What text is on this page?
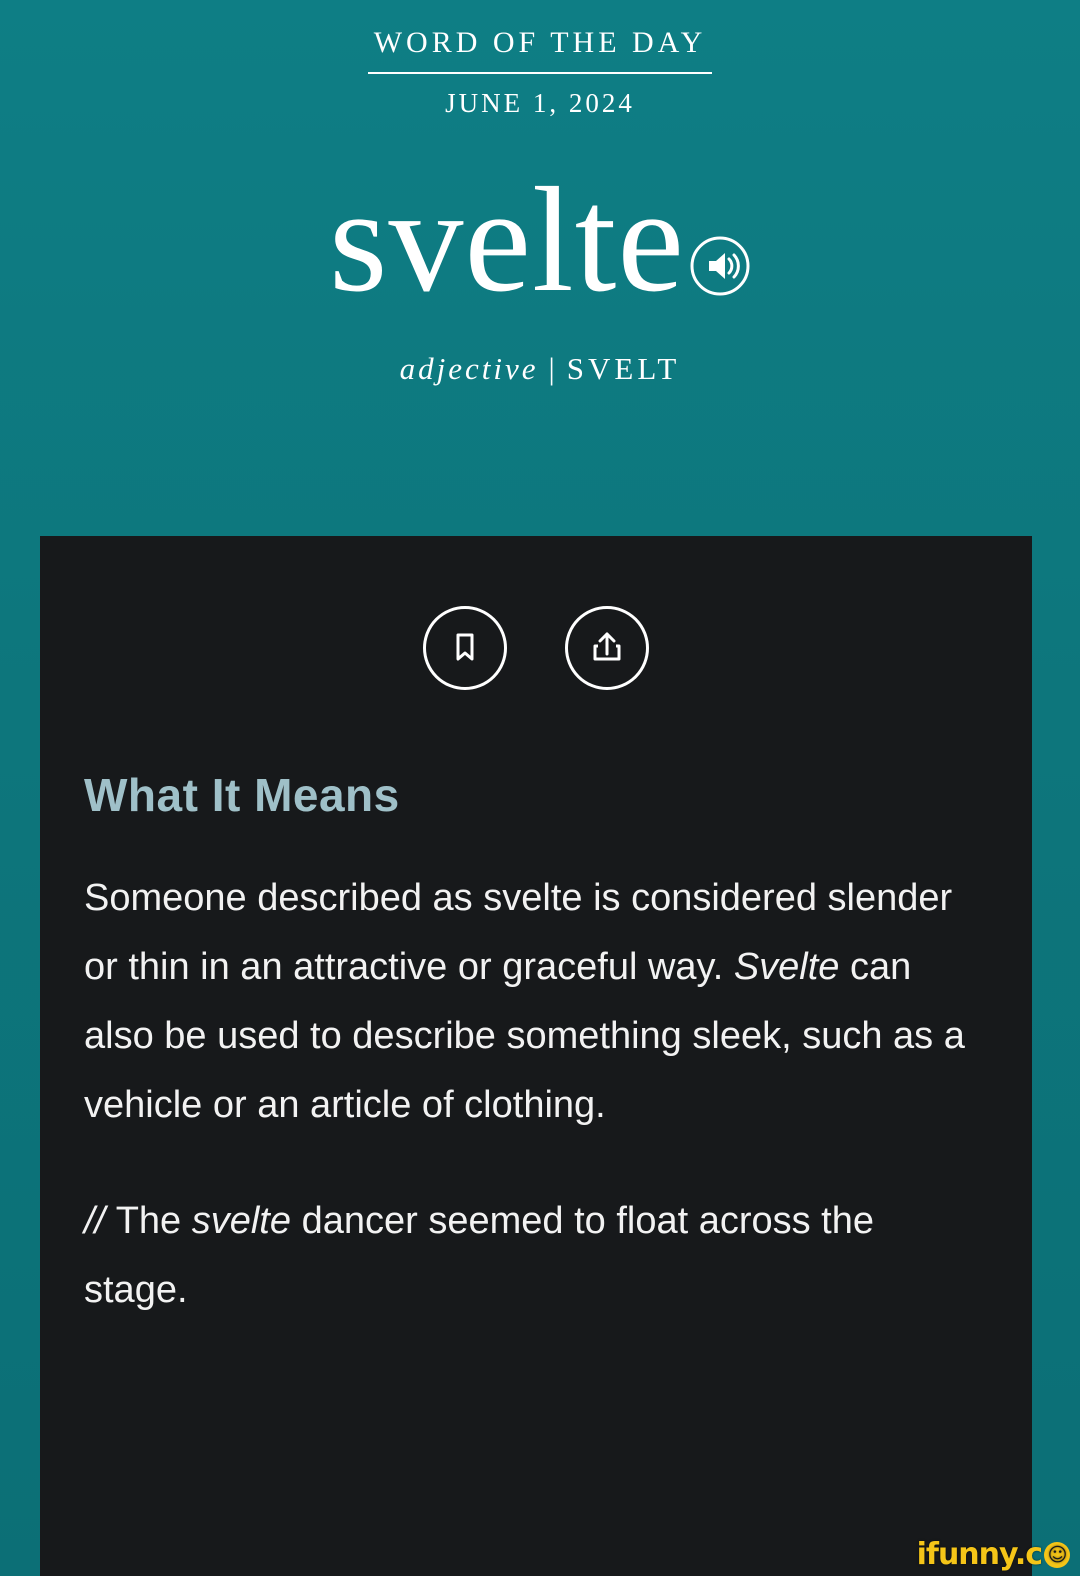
WORD OF THE DAY
JUNE 1, 2024
svelte
adjective | SVELT
What It Means
Someone described as svelte is considered slender or thin in an attractive or graceful way. Svelte can also be used to describe something sleek, such as a vehicle or an article of clothing.
// The svelte dancer seemed to float across the stage.
ifunny.c ☺
